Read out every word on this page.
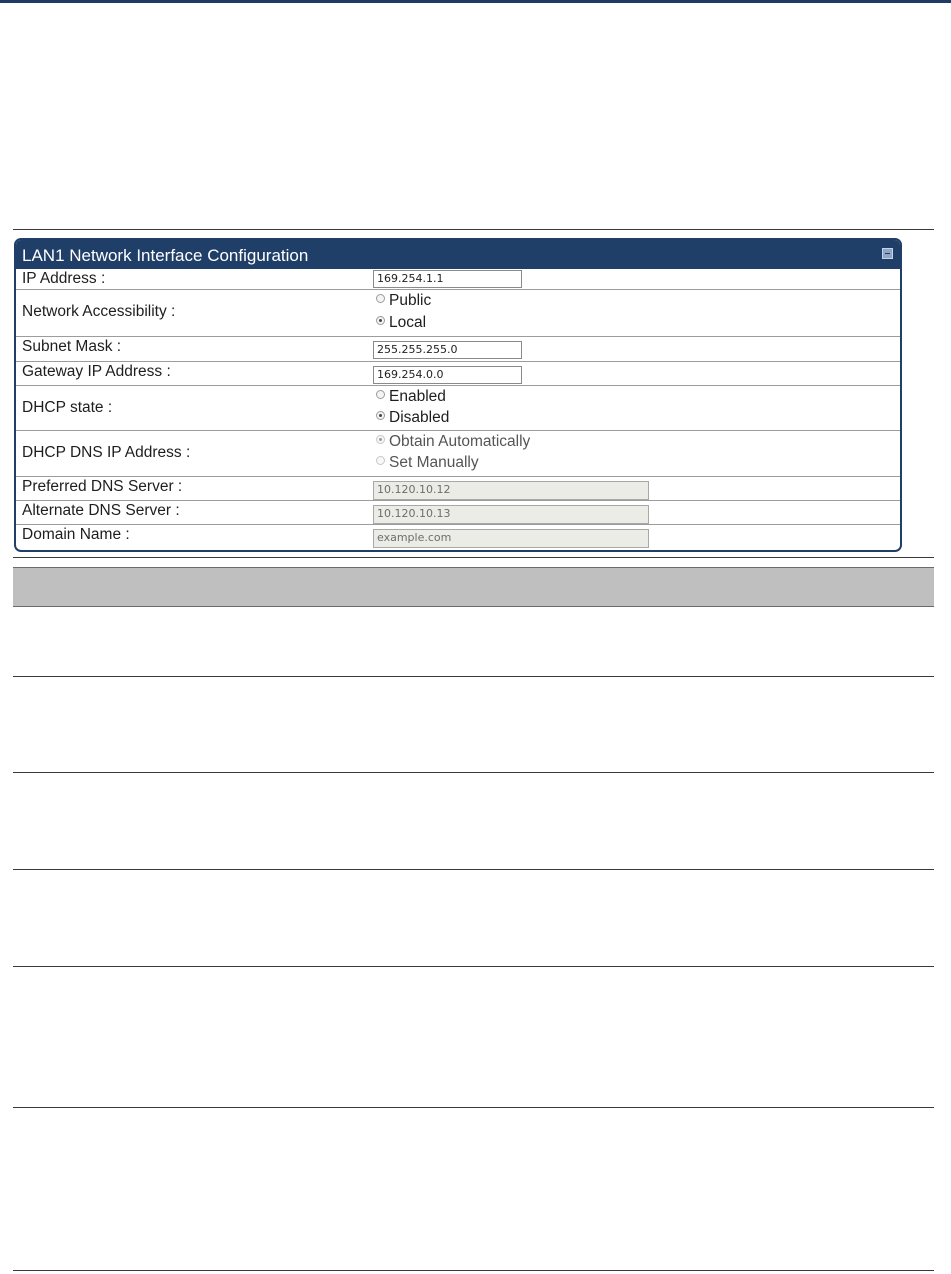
LAN1 Network Interface Configuration
IP Address :	169.254.1.1
Network Accessibility :
Public
Local
Subnet Mask :	255.255.255.0
Gateway IP Address :	169.254.0.0
DHCP state :
Enabled
Disabled
DHCP DNS IP Address :
Obtain Automatically
Set Manually
Preferred DNS Server :	10.120.10.12
Alternate DNS Server :	10.120.10.13
Domain Name :	example.com
